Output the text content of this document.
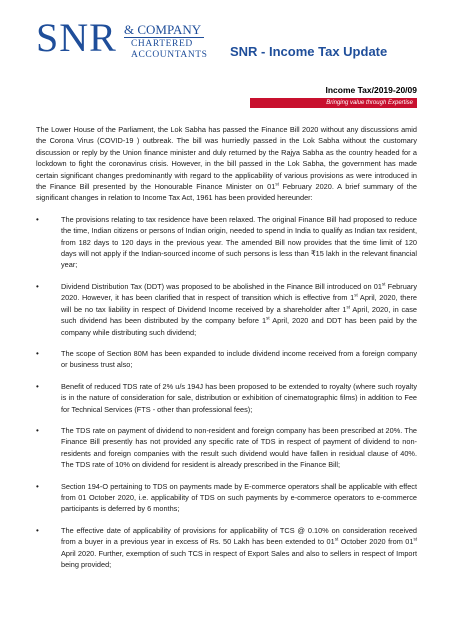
SNR & COMPANY
CHARTERED
ACCOUNTANTS SNR - Income Tax Update
Income Tax/2019-20/09
Bringing value through Expertise

The Lower House of the Parliament, the Lok Sabha has passed the Finance Bill 2020 without any discussions amid the Corona Virus (COVID-19 ) outbreak. The bill was hurriedly passed in the Lok Sabha without the customary discussion or reply by the Union finance minister and duly returned by the Rajya Sabha as the country headed for a lockdown to fight the coronavirus crisis. However, in the bill passed in the Lok Sabha, the government has made certain significant changes predominantly with regard to the applicability of various provisions as were introduced in the Finance Bill presented by the Honourable Finance Minister on 01st February 2020. A brief summary of the significant changes in relation to Income Tax Act, 1961 has been provided hereunder:

•	The provisions relating to tax residence have been relaxed. The original Finance Bill had proposed to reduce the time, Indian citizens or persons of Indian origin, needed to spend in India to qualify as Indian tax resident, from 182 days to 120 days in the previous year. The amended Bill now provides that the time limit of 120 days will not apply if the Indian-sourced income of such persons is less than ₹15 lakh in the relevant financial year;
•	Dividend Distribution Tax (DDT) was proposed to be abolished in the Finance Bill introduced on 01st February 2020. However, it has been clarified that in respect of transition which is effective from 1st April, 2020, there will be no tax liability in respect of Dividend Income received by a shareholder after 1st April, 2020, in case such dividend has been distributed by the company before 1st April, 2020 and DDT has been paid by the company while distributing such dividend;
•	The scope of Section 80M has been expanded to include dividend income received from a foreign company or business trust also;
•	Benefit of reduced TDS rate of 2% u/s 194J has been proposed to be extended to royalty (where such royalty is in the nature of consideration for sale, distribution or exhibition of cinematographic films) in addition to Fee for Technical Services (FTS - other than professional fees);
•	The TDS rate on payment of dividend to non-resident and foreign company has been prescribed at 20%. The Finance Bill presently has not provided any specific rate of TDS in respect of payment of dividend to non-residents and foreign companies with the result such dividend would have fallen in residual clause of 40%. The TDS rate of 10% on dividend for resident is already prescribed in the Finance Bill;
•	Section 194-O pertaining to TDS on payments made by E-commerce operators shall be applicable with effect from 01 October 2020, i.e. applicability of TDS on such payments by e-commerce operators to e-commerce participants is deferred by 6 months;
•	The effective date of applicability of provisions for applicability of TCS @ 0.10% on consideration received from a buyer in a previous year in excess of Rs. 50 Lakh has been extended to 01st October 2020 from 01st April 2020. Further, exemption of such TCS in respect of Export Sales and also to sellers in respect of Import being provided;
